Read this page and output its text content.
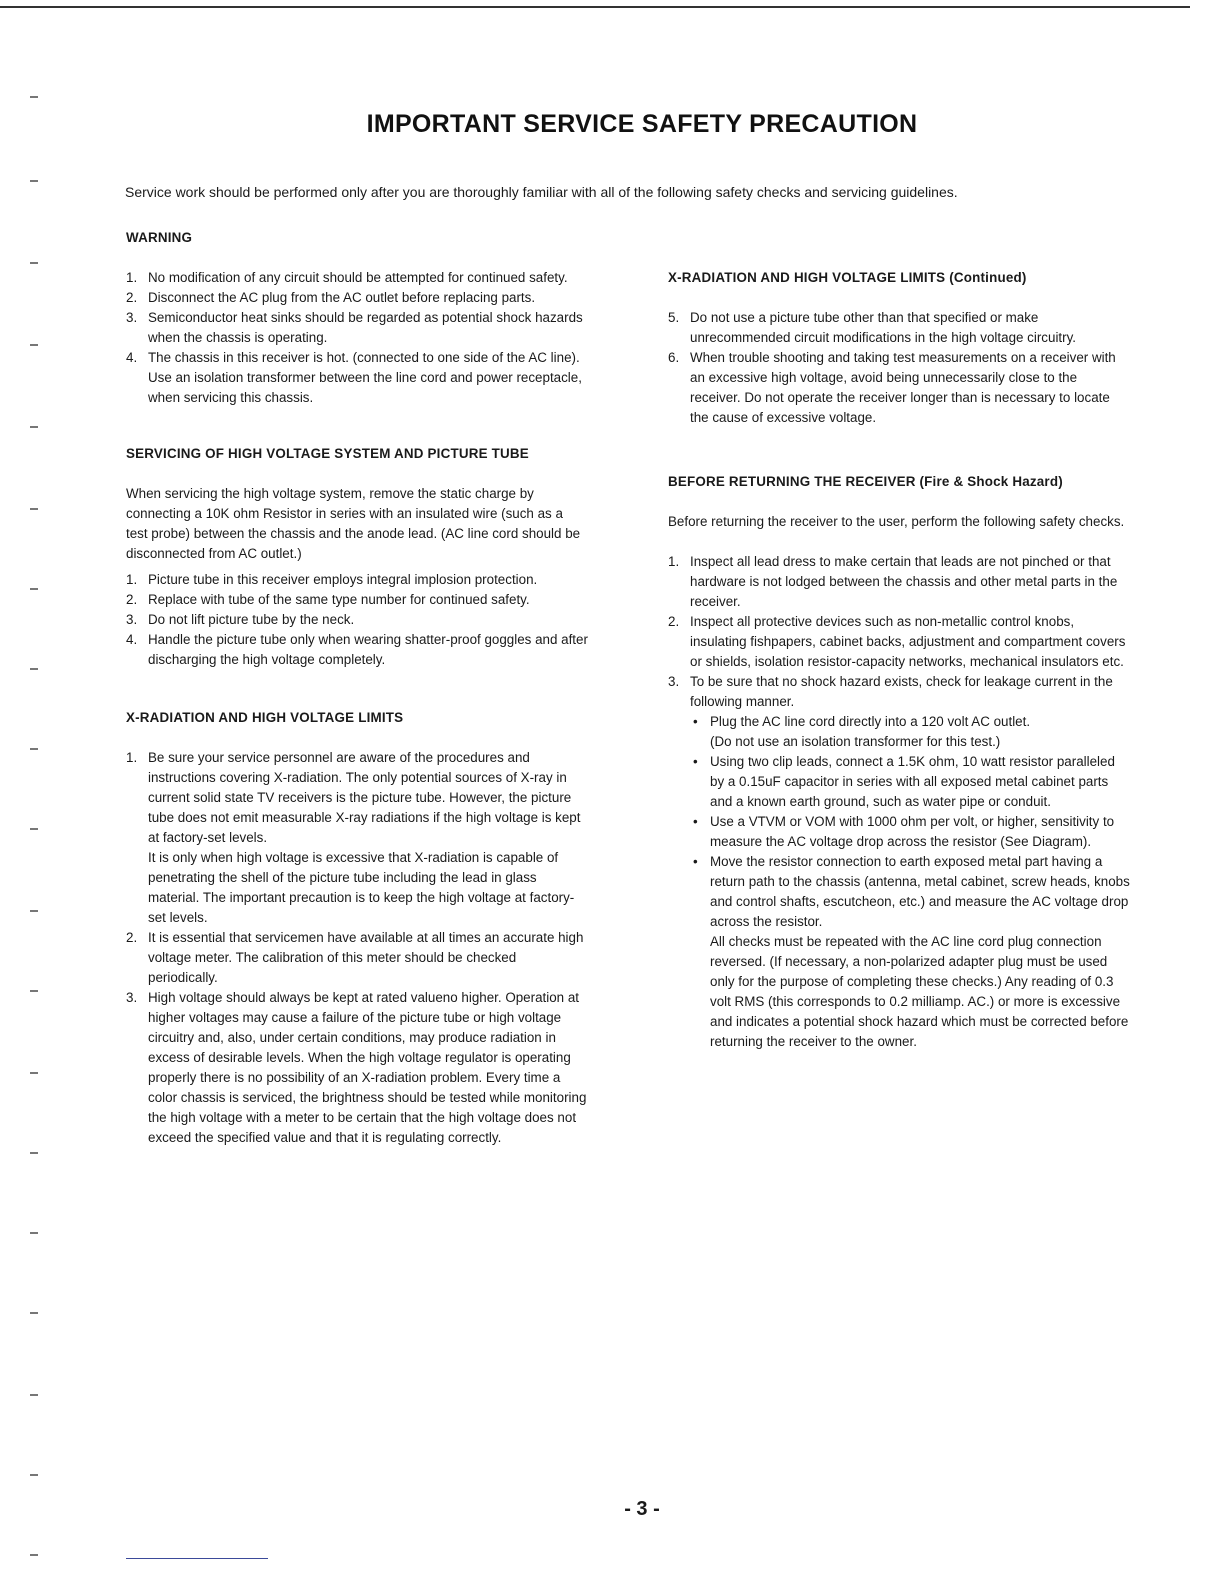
IMPORTANT SERVICE SAFETY PRECAUTION
Service work should be performed only after you are thoroughly familiar with all of the following safety checks and servicing guidelines.
WARNING
1. No modification of any circuit should be attempted for continued safety.
2. Disconnect the AC plug from the AC outlet before replacing parts.
3. Semiconductor heat sinks should be regarded as potential shock hazards when the chassis is operating.
4. The chassis in this receiver is hot. (connected to one side of the AC line).
Use an isolation transformer between the line cord and power receptacle, when servicing this chassis.
SERVICING OF HIGH VOLTAGE SYSTEM AND PICTURE TUBE

When servicing the high voltage system, remove the static charge by connecting a 10K ohm Resistor in series with an insulated wire (such as a test probe) between the chassis and the anode lead. (AC line cord should be disconnected from AC outlet.)

1. Picture tube in this receiver employs integral implosion protection.
2. Replace with tube of the same type number for continued safety.
3. Do not lift picture tube by the neck.
4. Handle the picture tube only when wearing shatter-proof goggles and after discharging the high voltage completely.
X-RADIATION AND HIGH VOLTAGE LIMITS
1. Be sure your service personnel are aware of the procedures and instructions covering X-radiation. The only potential sources of X-ray in current solid state TV receivers is the picture tube. However, the picture tube does not emit measurable X-ray radiations if the high voltage is kept at factory-set levels.
It is only when high voltage is excessive that X-radiation is capable of penetrating the shell of the picture tube including the lead in glass material. The important precaution is to keep the high voltage at factory-set levels.
2. It is essential that servicemen have available at all times an accurate high voltage meter. The calibration of this meter should be checked periodically.
3. High voltage should always be kept at rated valueno higher. Operation at higher voltages may cause a failure of the picture tube or high voltage circuitry and, also, under certain conditions, may produce radiation in excess of desirable levels. When the high voltage regulator is operating properly there is no possibility of an X-radiation problem. Every time a color chassis is serviced, the brightness should be tested while monitoring the high voltage with a meter to be certain that the high voltage does not exceed the specified value and that it is regulating correctly.
X-RADIATION AND HIGH VOLTAGE LIMITS (Continued)
5. Do not use a picture tube other than that specified or make unrecommended circuit modifications in the high voltage circuitry.
6. When trouble shooting and taking test measurements on a receiver with an excessive high voltage, avoid being unnecessarily close to the receiver. Do not operate the receiver longer than is necessary to locate the cause of excessive voltage.
BEFORE RETURNING THE RECEIVER (Fire & Shock Hazard)

Before returning the receiver to the user, perform the following safety checks.

1. Inspect all lead dress to make certain that leads are not pinched or that hardware is not lodged between the chassis and other metal parts in the receiver.
2. Inspect all protective devices such as non-metallic control knobs, insulating fishpapers, cabinet backs, adjustment and compartment covers or shields, isolation resistor-capacity networks, mechanical insulators etc.
3. To be sure that no shock hazard exists, check for leakage current in the following manner.
• Plug the AC line cord directly into a 120 volt AC outlet.
(Do not use an isolation transformer for this test.)
• Using two clip leads, connect a 1.5K ohm, 10 watt resistor paralleled by a 0.15uF capacitor in series with all exposed metal cabinet parts and a known earth ground, such as water pipe or conduit.
• Use a VTVM or VOM with 1000 ohm per volt, or higher, sensitivity to measure the AC voltage drop across the resistor (See Diagram).
• Move the resistor connection to earth exposed metal part having a return path to the chassis (antenna, metal cabinet, screw heads, knobs and control shafts, escutcheon, etc.) and measure the AC voltage drop across the resistor.
All checks must be repeated with the AC line cord plug connection reversed. (If necessary, a non-polarized adapter plug must be used only for the purpose of completing these checks.) Any reading of 0.3 volt RMS (this corresponds to 0.2 milliamp. AC.) or more is excessive and indicates a potential shock hazard which must be corrected before returning the receiver to the owner.
- 3 -
